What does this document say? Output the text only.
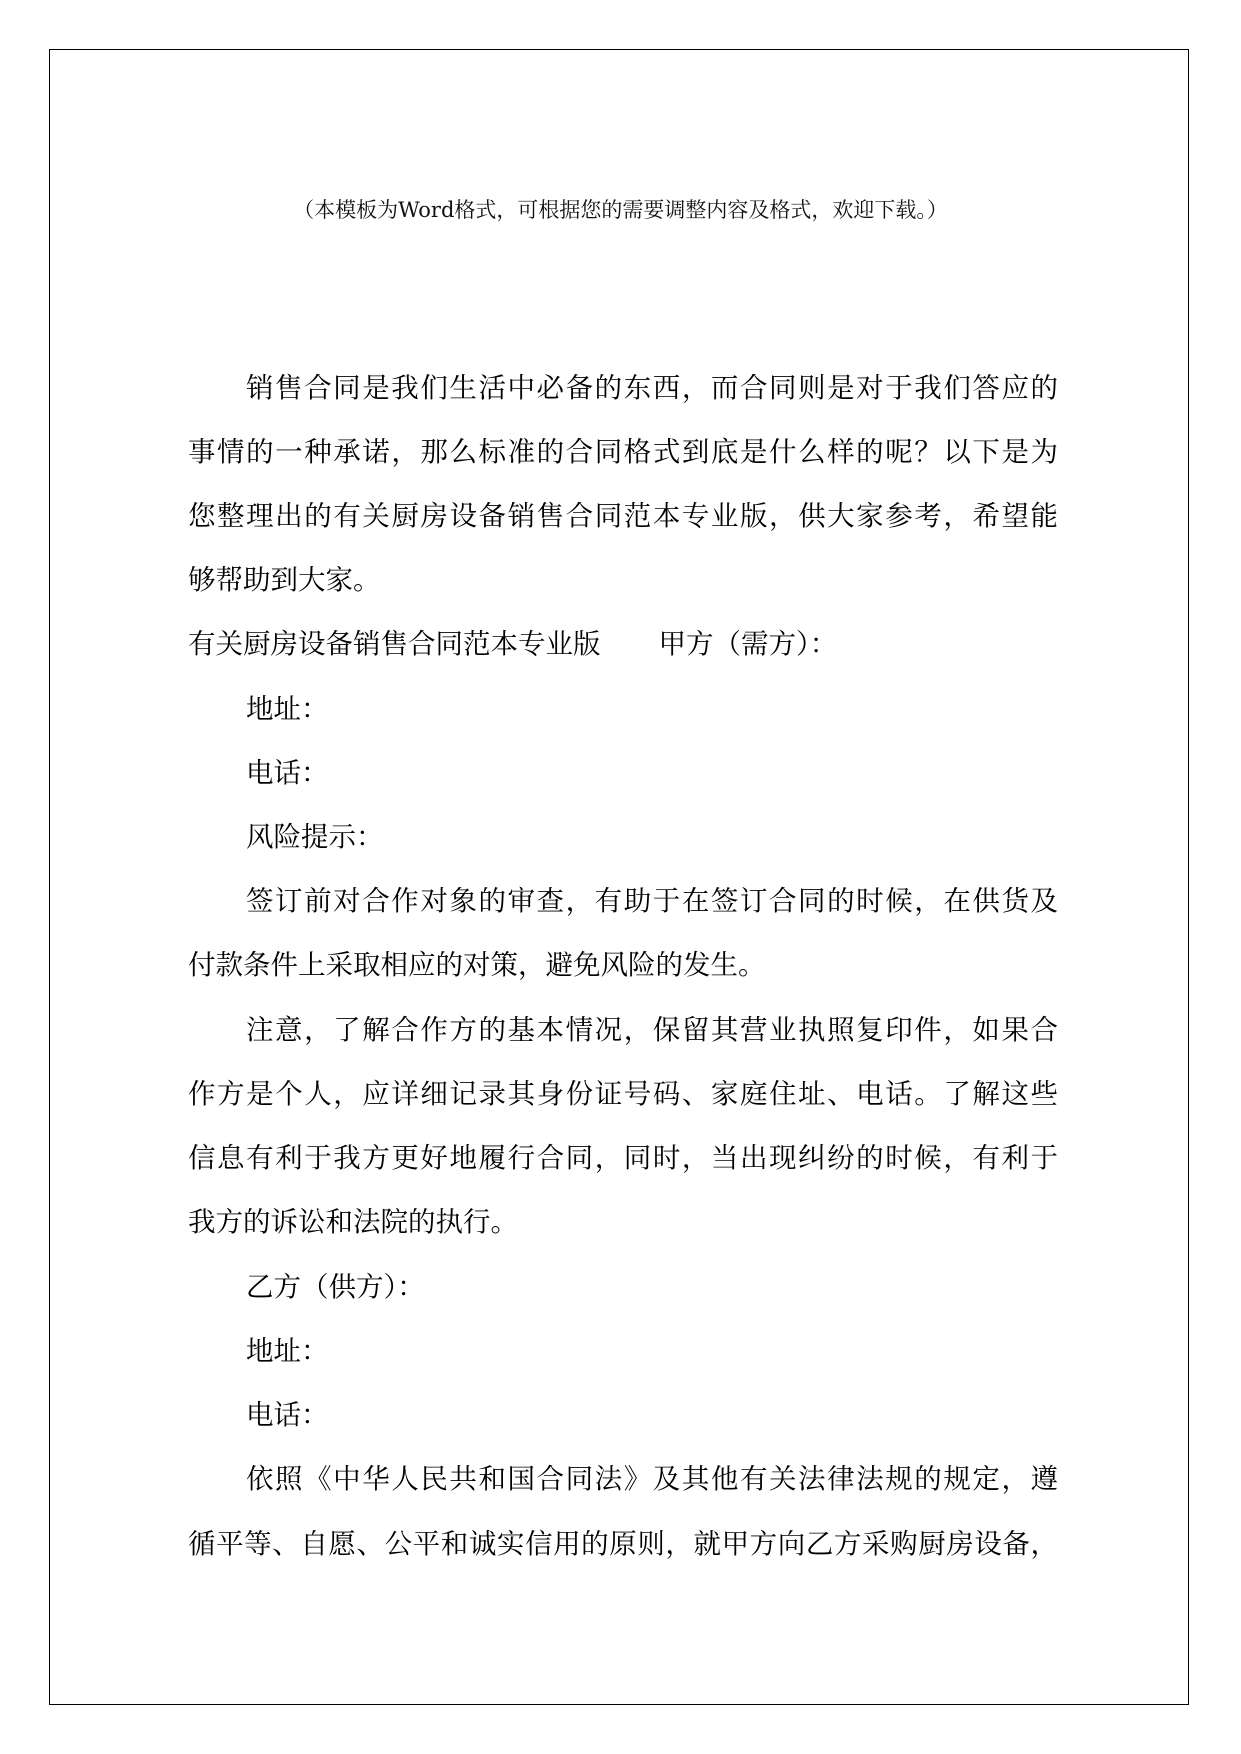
（本模板为Word格式，可根据您的需要调整内容及格式，欢迎下载。）
销售合同是我们生活中必备的东西，而合同则是对于我们答应的
事情的一种承诺，那么标准的合同格式到底是什么样的呢？以下是为
您整理出的有关厨房设备销售合同范本专业版，供大家参考，希望能
够帮助到大家。
有关厨房设备销售合同范本专业版 甲方（需方）：
地址：
电话：
风险提示：
签订前对合作对象的审查，有助于在签订合同的时候，在供货及
付款条件上采取相应的对策，避免风险的发生。
注意，了解合作方的基本情况，保留其营业执照复印件，如果合
作方是个人，应详细记录其身份证号码、家庭住址、电话。了解这些
信息有利于我方更好地履行合同，同时，当出现纠纷的时候，有利于
我方的诉讼和法院的执行。
乙方（供方）：
地址：
电话：
依照《中华人民共和国合同法》及其他有关法律法规的规定，遵
循平等、自愿、公平和诚实信用的原则，就甲方向乙方采购厨房设备，
